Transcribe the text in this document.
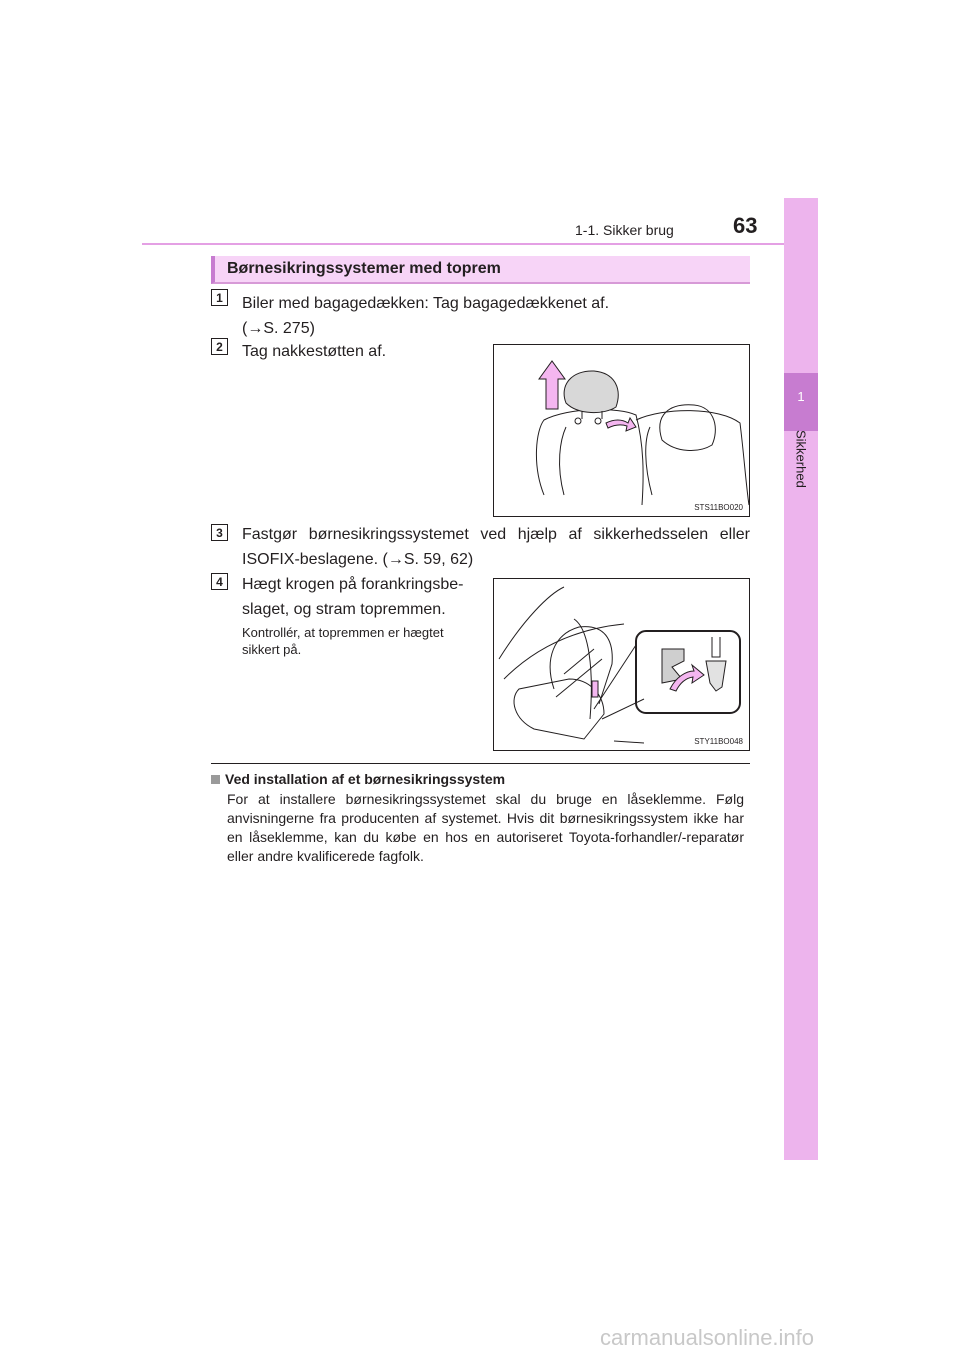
1-1. Sikker brug	63
1
Sikkerhed
Børnesikringssystemer med toprem
1	Biler med bagagedækken: Tag bagagedækkenet af.
(→S. 275)
2	Tag nakkestøtten af.
STS11BO020
3	Fastgør børnesikringssystemet ved hjælp af sikkerhedsselen eller
ISOFIX-beslagene. (→S. 59, 62)
4	Hægt krogen på forankringsbe-
slaget, og stram topremmen.
Kontrollér, at topremmen er hægtet
sikkert på.
STY11BO048
Ved installation af et børnesikringssystem
For at installere børnesikringssystemet skal du bruge en låseklemme. Følg anvisningerne fra producenten af systemet. Hvis dit børnesikringssystem ikke har en låseklemme, kan du købe en hos en autoriseret Toyota-forhandler/-reparatør eller andre kvalificerede fagfolk.
carmanualsonline.info
